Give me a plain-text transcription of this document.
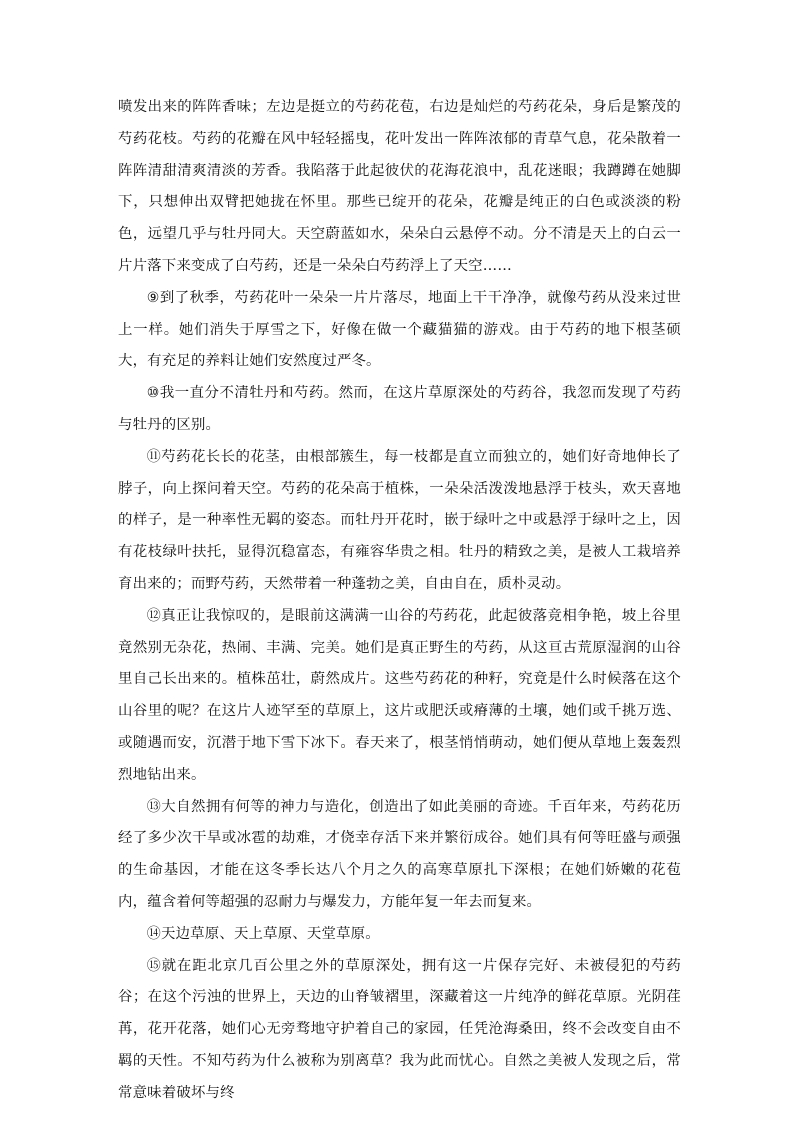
喷发出来的阵阵香味；左边是挺立的芍药花苞，右边是灿烂的芍药花朵，身后是繁茂的芍药花枝。芍药的花瓣在风中轻轻摇曳，花叶发出一阵阵浓郁的青草气息，花朵散着一阵阵清甜清爽清淡的芳香。我陷落于此起彼伏的花海花浪中，乱花迷眼；我蹲蹲在她脚下，只想伸出双臂把她拢在怀里。那些已绽开的花朵，花瓣是纯正的白色或淡淡的粉色，远望几乎与牡丹同大。天空蔚蓝如水，朵朵白云悬停不动。分不清是天上的白云一片片落下来变成了白芍药，还是一朵朵白芍药浮上了天空……

⑨到了秋季，芍药花叶一朵朵一片片落尽，地面上干干净净，就像芍药从没来过世上一样。她们消失于厚雪之下，好像在做一个藏猫猫的游戏。由于芍药的地下根茎硕大，有充足的养料让她们安然度过严冬。

⑩我一直分不清牡丹和芍药。然而，在这片草原深处的芍药谷，我忽而发现了芍药与牡丹的区别。

⑪芍药花长长的花茎，由根部簇生，每一枝都是直立而独立的，她们好奇地伸长了脖子，向上探问着天空。芍药的花朵高于植株，一朵朵活泼泼地悬浮于枝头，欢天喜地的样子，是一种率性无羁的姿态。而牡丹开花时，嵌于绿叶之中或悬浮于绿叶之上，因有花枝绿叶扶托，显得沉稳富态，有雍容华贵之相。牡丹的精致之美，是被人工栽培养育出来的；而野芍药，天然带着一种蓬勃之美，自由自在，质朴灵动。

⑫真正让我惊叹的，是眼前这满满一山谷的芍药花，此起彼落竞相争艳，坡上谷里竟然别无杂花，热闹、丰满、完美。她们是真正野生的芍药，从这亘古荒原湿润的山谷里自己长出来的。植株茁壮，蔚然成片。这些芍药花的种籽，究竟是什么时候落在这个山谷里的呢？在这片人迹罕至的草原上，这片或肥沃或瘠薄的土壤，她们或千挑万选、或随遇而安，沉潜于地下雪下冰下。春天来了，根茎悄悄萌动，她们便从草地上轰轰烈烈地钻出来。

⑬大自然拥有何等的神力与造化，创造出了如此美丽的奇迹。千百年来，芍药花历经了多少次干旱或冰雹的劫难，才侥幸存活下来并繁衍成谷。她们具有何等旺盛与顽强的生命基因，才能在这冬季长达八个月之久的高寒草原扎下深根；在她们娇嫩的花苞内，蕴含着何等超强的忍耐力与爆发力，方能年复一年去而复来。

⑭天边草原、天上草原、天堂草原。

⑮就在距北京几百公里之外的草原深处，拥有这一片保存完好、未被侵犯的芍药谷；在这个污浊的世界上，天边的山脊皱褶里，深藏着这一片纯净的鲜花草原。光阴荏苒，花开花落，她们心无旁骛地守护着自己的家园，任凭沧海桑田，终不会改变自由不羁的天性。不知芍药为什么被称为别离草？我为此而忧心。自然之美被人发现之后，常常意味着破坏与终
